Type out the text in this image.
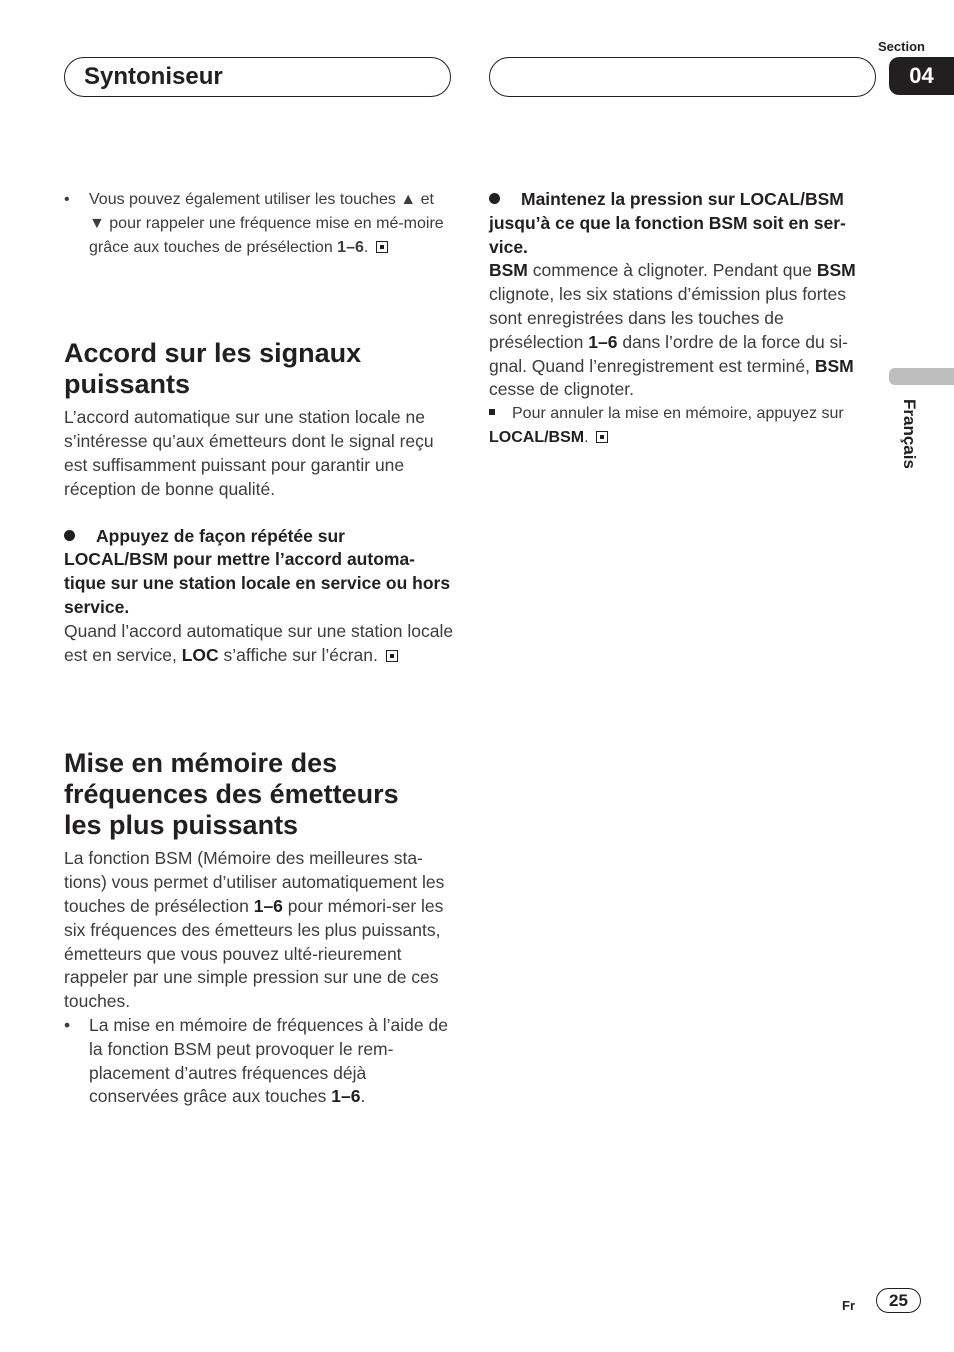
Syntoniseur
Section
04
Français
•	Vous pouvez également utiliser les touches ▲ et ▼ pour rappeler une fréquence mise en mé-moire grâce aux touches de présélection 1–6.
Accord sur les signaux
puissants

L’accord automatique sur une station locale ne s’intéresse qu’aux émetteurs dont le signal reçu est suffisamment puissant pour garantir une réception de bonne qualité.

Appuyez de façon répétée sur
LOCAL/BSM pour mettre l’accord automa-tique sur une station locale en service ou hors service.

Quand l’accord automatique sur une station locale est en service, LOC s’affiche sur l’écran.

Mise en mémoire des
fréquences des émetteurs
les plus puissants

La fonction BSM (Mémoire des meilleures sta-tions) vous permet d’utiliser automatiquement les touches de présélection 1–6 pour mémori-ser les six fréquences des émetteurs les plus puissants, émetteurs que vous pouvez ulté-rieurement rappeler par une simple pression sur une de ces touches.

•	La mise en mémoire de fréquences à l’aide de la fonction BSM peut provoquer le rem-placement d’autres fréquences déjà conservées grâce aux touches 1–6.

Maintenez la pression sur LOCAL/BSM
jusqu’à ce que la fonction BSM soit en ser-vice.

BSM commence à clignoter. Pendant que BSM clignote, les six stations d’émission plus fortes sont enregistrées dans les touches de présélection 1–6 dans l’ordre de la force du si-gnal. Quand l’enregistrement est terminé, BSM cesse de clignoter.

Pour annuler la mise en mémoire, appuyez sur LOCAL/BSM.

Fr	25
